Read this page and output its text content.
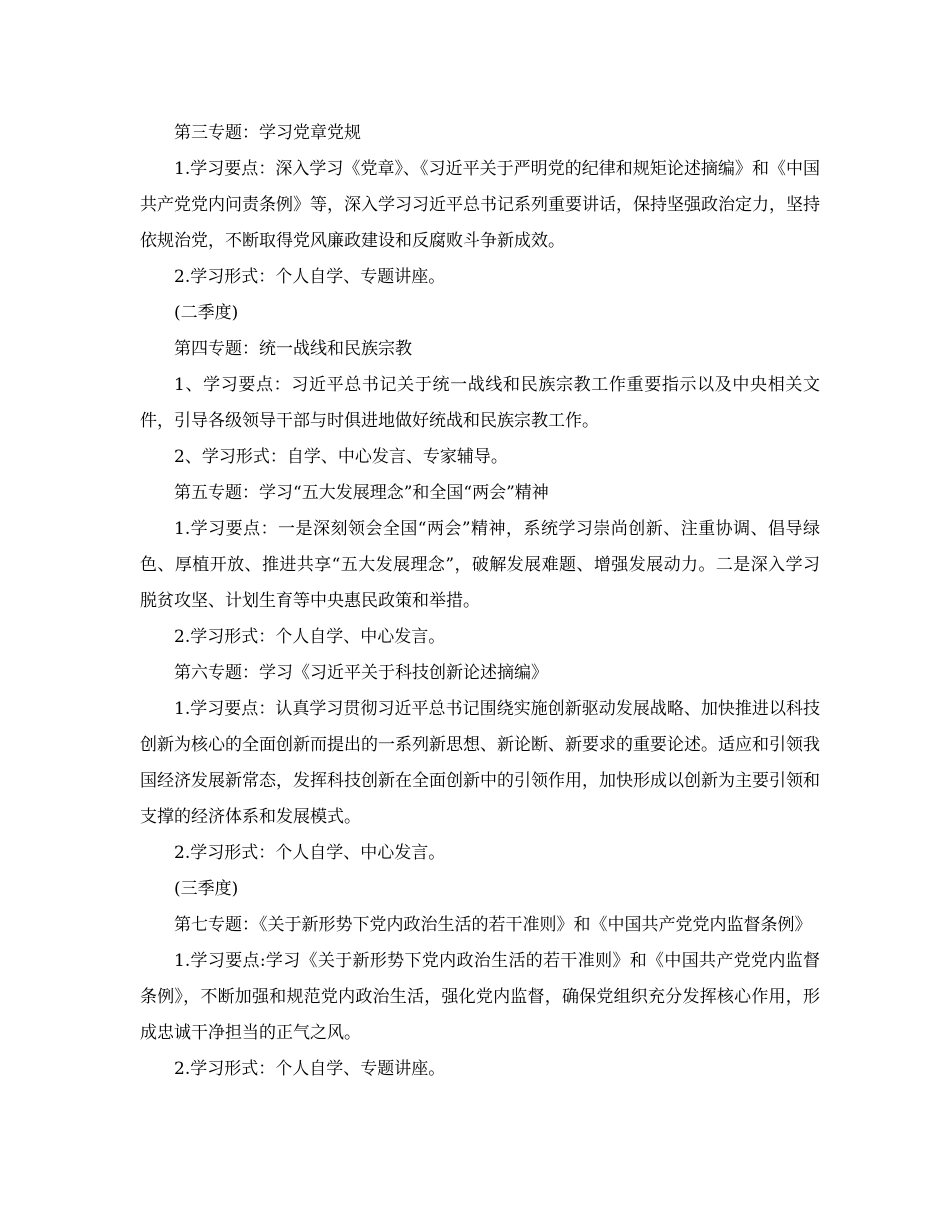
第三专题：学习党章党规

1.学习要点：深入学习《党章》、《习近平关于严明党的纪律和规矩论述摘编》和《中国共产党党内问责条例》等，深入学习习近平总书记系列重要讲话，保持坚强政治定力，坚持依规治党，不断取得党风廉政建设和反腐败斗争新成效。

2.学习形式：个人自学、专题讲座。

(二季度)

第四专题：统一战线和民族宗教

1、学习要点：习近平总书记关于统一战线和民族宗教工作重要指示以及中央相关文件，引导各级领导干部与时俱进地做好统战和民族宗教工作。

2、学习形式：自学、中心发言、专家辅导。

第五专题：学习“五大发展理念”和全国“两会”精神

1.学习要点：一是深刻领会全国“两会”精神，系统学习崇尚创新、注重协调、倡导绿色、厚植开放、推进共享“五大发展理念”，破解发展难题、增强发展动力。二是深入学习脱贫攻坚、计划生育等中央惠民政策和举措。

2.学习形式：个人自学、中心发言。

第六专题：学习《习近平关于科技创新论述摘编》

1.学习要点：认真学习贯彻习近平总书记围绕实施创新驱动发展战略、加快推进以科技创新为核心的全面创新而提出的一系列新思想、新论断、新要求的重要论述。适应和引领我国经济发展新常态，发挥科技创新在全面创新中的引领作用，加快形成以创新为主要引领和支撑的经济体系和发展模式。

2.学习形式：个人自学、中心发言。

(三季度)

第七专题：《关于新形势下党内政治生活的若干准则》和《中国共产党党内监督条例》

1.学习要点:学习《关于新形势下党内政治生活的若干准则》和《中国共产党党内监督条例》，不断加强和规范党内政治生活，强化党内监督，确保党组织充分发挥核心作用，形成忠诚干净担当的正气之风。

2.学习形式：个人自学、专题讲座。
